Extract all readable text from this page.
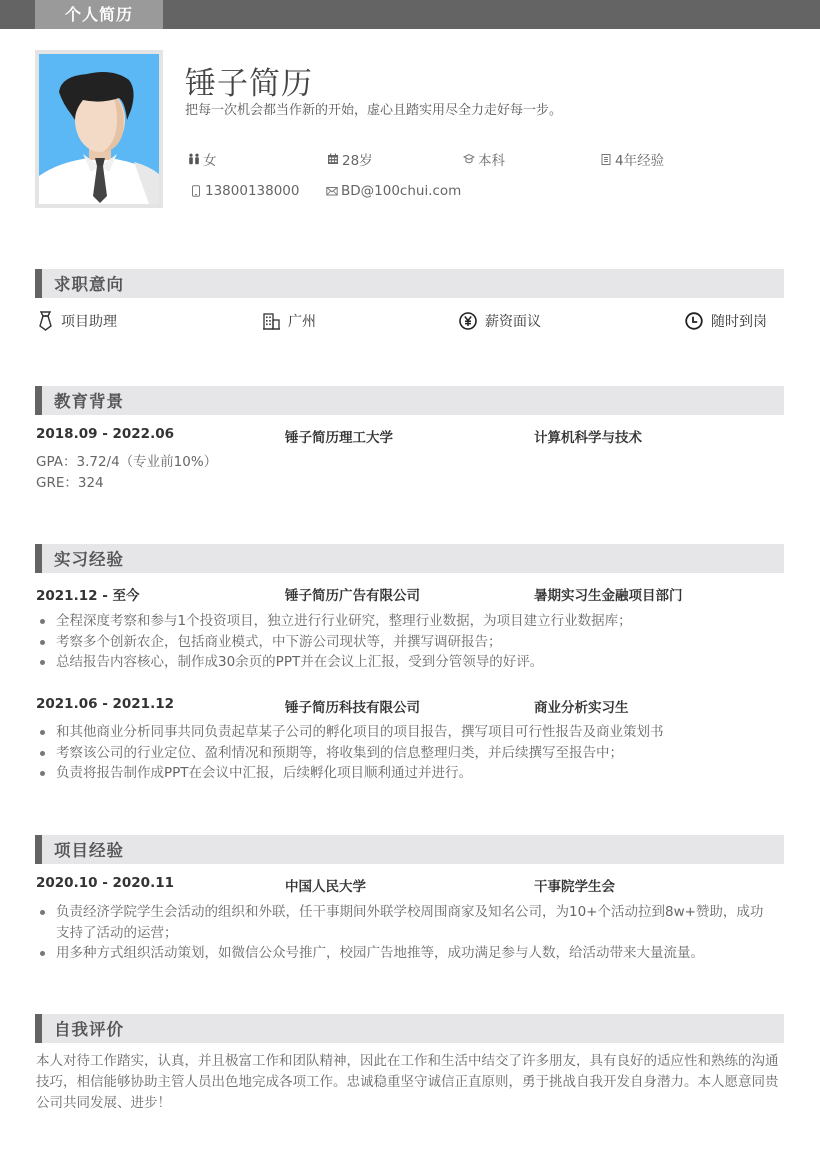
个人简历
锤子简历
把每一次机会都当作新的开始，虚心且踏实用尽全力走好每一步。
女	28岁	本科	4年经验
13800138000	BD@100chui.com
求职意向
项目助理	广州	薪资面议	随时到岗
教育背景
2018.09 - 2022.06	锤子简历理工大学	计算机科学与技术
GPA：3.72/4（专业前10%）
GRE：324
实习经验
2021.12 - 至今	锤子简历广告有限公司	暑期实习生金融项目部门
全程深度考察和参与1个投资项目，独立进行行业研究，整理行业数据，为项目建立行业数据库；
考察多个创新农企，包括商业模式，中下游公司现状等，并撰写调研报告；
总结报告内容核心，制作成30余页的PPT并在会议上汇报，受到分管领导的好评。
2021.06 - 2021.12	锤子简历科技有限公司	商业分析实习生
和其他商业分析同事共同负责起草某子公司的孵化项目的项目报告，撰写项目可行性报告及商业策划书
考察该公司的行业定位、盈利情况和预期等，将收集到的信息整理归类，并后续撰写至报告中；
负责将报告制作成PPT在会议中汇报，后续孵化项目顺利通过并进行。
项目经验
2020.10 - 2020.11	中国人民大学	干事院学生会
负责经济学院学生会活动的组织和外联，任干事期间外联学校周围商家及知名公司，为10+个活动拉到8w+赞助，成功支持了活动的运营；
用多种方式组织活动策划，如微信公众号推广，校园广告地推等，成功满足参与人数，给活动带来大量流量。
自我评价
本人对待工作踏实，认真，并且极富工作和团队精神，因此在工作和生活中结交了许多朋友，具有良好的适应性和熟练的沟通技巧，相信能够协助主管人员出色地完成各项工作。忠诚稳重坚守诚信正直原则，勇于挑战自我开发自身潜力。本人愿意同贵公司共同发展、进步！
